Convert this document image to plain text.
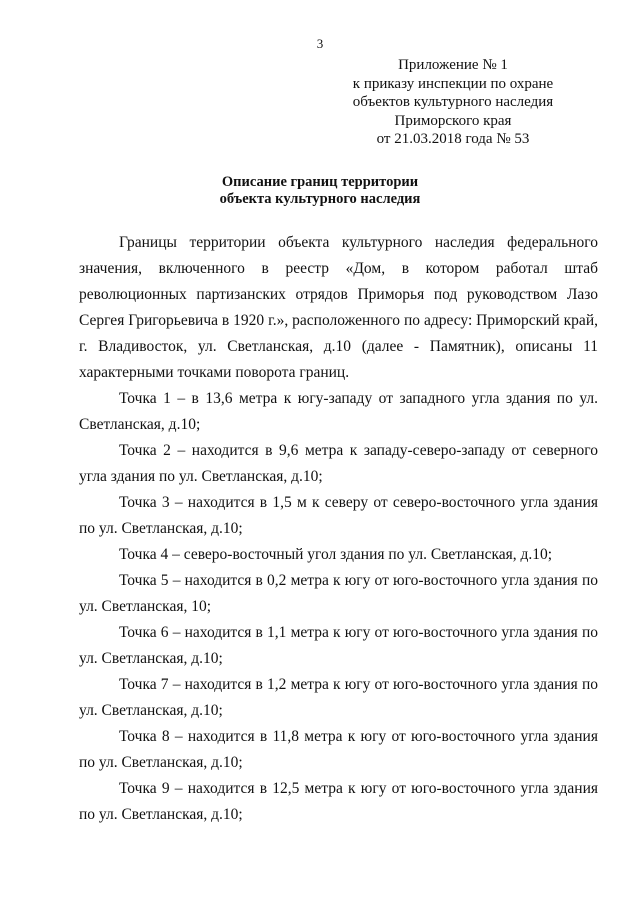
3
Приложение № 1
к приказу инспекции по охране
объектов культурного наследия
Приморского края
от 21.03.2018 года № 53
Описание границ территории
объекта культурного наследия

Границы территории объекта культурного наследия федерального значения, включенного в реестр «Дом, в котором работал штаб революционных партизанских отрядов Приморья под руководством Лазо Сергея Григорьевича в 1920 г.», расположенного по адресу: Приморский край, г. Владивосток, ул. Светланская, д.10 (далее - Памятник), описаны 11 характерными точками поворота границ.

Точка 1 – в 13,6 метра к югу-западу от западного угла здания по ул. Светланская, д.10;

Точка 2 – находится в 9,6 метра к западу-северо-западу от северного угла здания по ул. Светланская, д.10;

Точка 3 – находится в 1,5 м к северу от северо-восточного угла здания по ул. Светланская, д.10;

Точка 4 – северо-восточный угол здания по ул. Светланская, д.10;

Точка 5 – находится в 0,2 метра к югу от юго-восточного угла здания по ул. Светланская, 10;

Точка 6 – находится в 1,1 метра к югу от юго-восточного угла здания по ул. Светланская, д.10;

Точка 7 – находится в 1,2 метра к югу от юго-восточного угла здания по ул. Светланская, д.10;

Точка 8 – находится в 11,8 метра к югу от юго-восточного угла здания по ул. Светланская, д.10;

Точка 9 – находится в 12,5 метра к югу от юго-восточного угла здания по ул. Светланская, д.10;
